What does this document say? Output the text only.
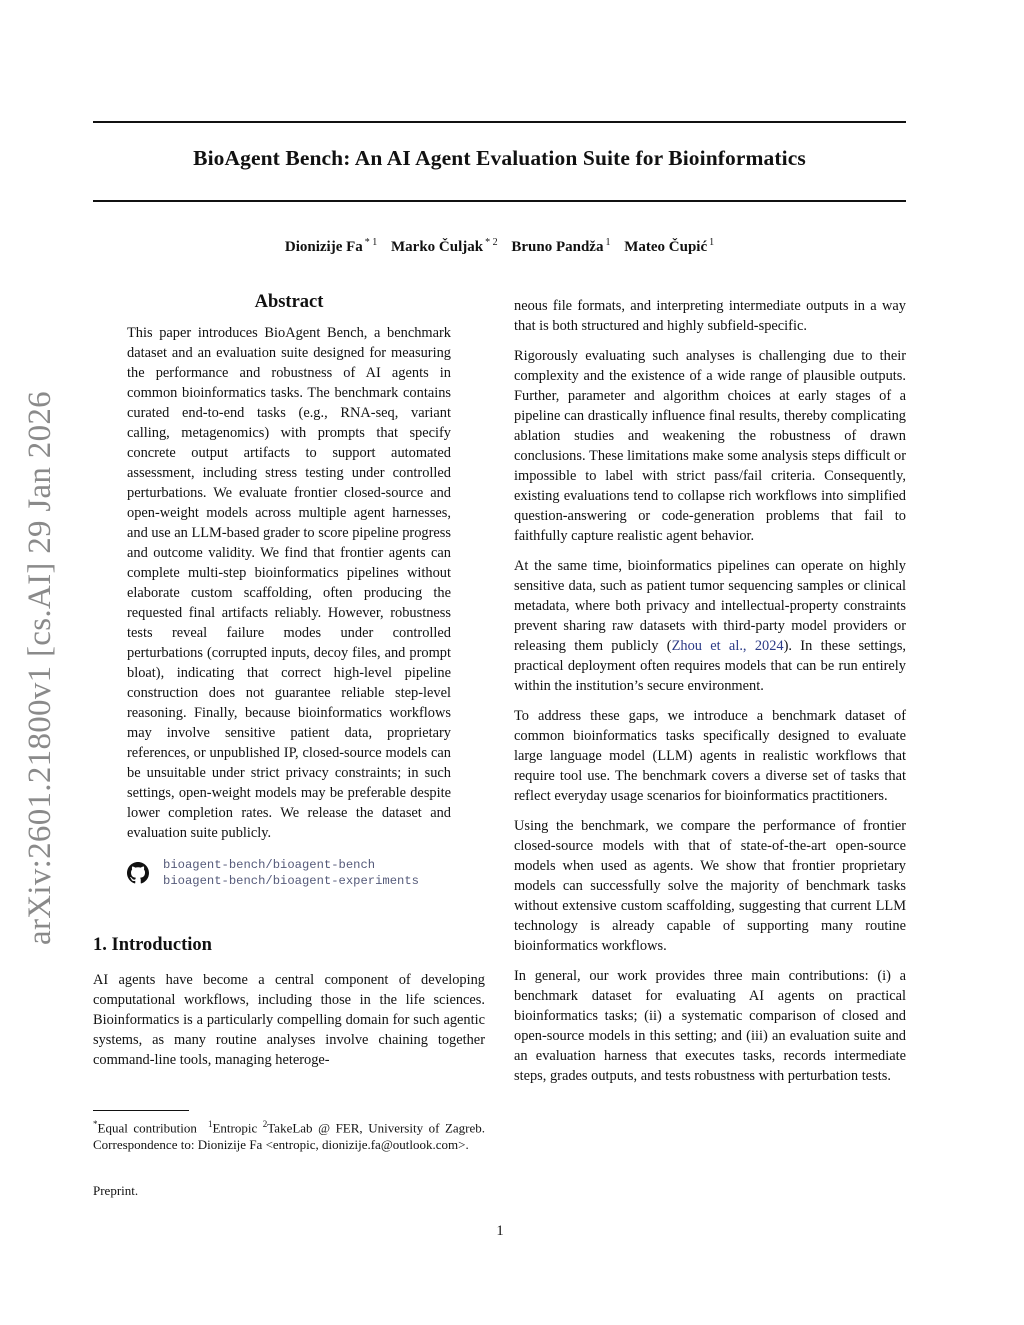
BioAgent Bench: An AI Agent Evaluation Suite for Bioinformatics
Dionizije Fa $^{* 1}$ Marko Čuljak $^{* 2}$ Bruno Pandža $^1$ Mateo Čupić $^1$
arXiv:2601.21800v1 [cs.AI] 29 Jan 2026
Abstract
This paper introduces BioAgent Bench, a benchmark dataset and an evaluation suite designed for measuring the performance and robustness of AI agents in common bioinformatics tasks. The benchmark contains curated end-to-end tasks (e.g., RNA-seq, variant calling, metagenomics) with prompts that specify concrete output artifacts to support automated assessment, including stress testing under controlled perturbations. We evaluate frontier closed-source and open-weight models across multiple agent harnesses, and use an LLM-based grader to score pipeline progress and outcome validity. We find that frontier agents can complete multi-step bioinformatics pipelines without elaborate custom scaffolding, often producing the requested final artifacts reliably. However, robustness tests reveal failure modes under controlled perturbations (corrupted inputs, decoy files, and prompt bloat), indicating that correct high-level pipeline construction does not guarantee reliable step-level reasoning. Finally, because bioinformatics workflows may involve sensitive patient data, proprietary references, or unpublished IP, closed-source models can be unsuitable under strict privacy constraints; in such settings, open-weight models may be preferable despite lower completion rates. We release the dataset and evaluation suite publicly.
bioagent-bench/bioagent-bench
bioagent-bench/bioagent-experiments
1. Introduction

AI agents have become a central component of developing computational workflows, including those in the life sciences. Bioinformatics is a particularly compelling domain for such agentic systems, as many routine analyses involve chaining together command-line tools, managing heteroge-

neous file formats, and interpreting intermediate outputs in a way that is both structured and highly subfield-specific.

Rigorously evaluating such analyses is challenging due to their complexity and the existence of a wide range of plausible outputs. Further, parameter and algorithm choices at early stages of a pipeline can drastically influence final results, thereby complicating ablation studies and weakening the robustness of drawn conclusions. These limitations make some analysis steps difficult or impossible to label with strict pass/fail criteria. Consequently, existing evaluations tend to collapse rich workflows into simplified question-answering or code-generation problems that fail to faithfully capture realistic agent behavior.

At the same time, bioinformatics pipelines can operate on highly sensitive data, such as patient tumor sequencing samples or clinical metadata, where both privacy and intellectual-property constraints prevent sharing raw datasets with third-party model providers or releasing them publicly (Zhou et al., 2024). In these settings, practical deployment often requires models that can be run entirely within the institution’s secure environment.

To address these gaps, we introduce a benchmark dataset of common bioinformatics tasks specifically designed to evaluate large language model (LLM) agents in realistic workflows that require tool use. The benchmark covers a diverse set of tasks that reflect everyday usage scenarios for bioinformatics practitioners.

Using the benchmark, we compare the performance of frontier closed-source models with that of state-of-the-art open-source models when used as agents. We show that frontier proprietary models can successfully solve the majority of benchmark tasks without extensive custom scaffolding, suggesting that current LLM technology is already capable of supporting many routine bioinformatics workflows.

In general, our work provides three main contributions: (i) a benchmark dataset for evaluating AI agents on practical bioinformatics tasks; (ii) a systematic comparison of closed and open-source models in this setting; and (iii) an evaluation suite and an evaluation harness that executes tasks, records intermediate steps, grades outputs, and tests robustness with perturbation tests.

*Equal contribution $^1$Entropic $^2$TakeLab @ FER, University of Zagreb. Correspondence to: Dionizije Fa <entropic, dionizije.fa@outlook.com>.
Preprint.
1
